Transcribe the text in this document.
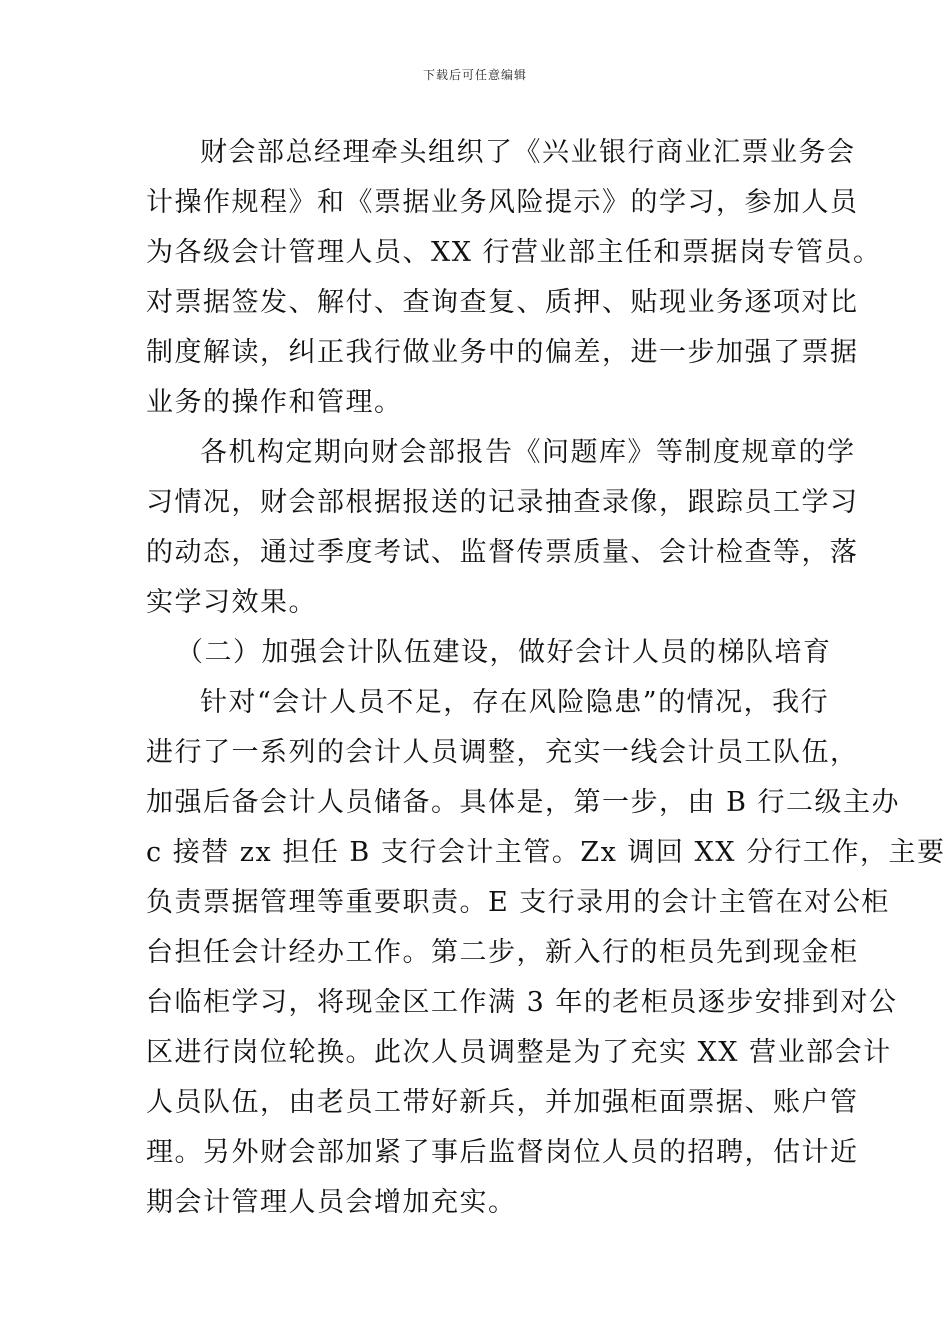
下载后可任意编辑
财会部总经理牵头组织了《兴业银行商业汇票业务会
计操作规程》和《票据业务风险提示》的学习，参加人员
为各级会计管理人员、XX 行营业部主任和票据岗专管员。
对票据签发、解付、查询查复、质押、贴现业务逐项对比
制度解读，纠正我行做业务中的偏差，进一步加强了票据
业务的操作和管理。
各机构定期向财会部报告《问题库》等制度规章的学
习情况，财会部根据报送的记录抽查录像，跟踪员工学习
的动态，通过季度考试、监督传票质量、会计检查等，落
实学习效果。
（二）加强会计队伍建设，做好会计人员的梯队培育
针对“会计人员不足，存在风险隐患”的情况，我行
进行了一系列的会计人员调整，充实一线会计员工队伍，
加强后备会计人员储备。具体是，第一步，由 B 行二级主办
c 接替 zx 担任 B 支行会计主管。Zx 调回 XX 分行工作，主要
负责票据管理等重要职责。E 支行录用的会计主管在对公柜
台担任会计经办工作。第二步，新入行的柜员先到现金柜
台临柜学习，将现金区工作满 3 年的老柜员逐步安排到对公
区进行岗位轮换。此次人员调整是为了充实 XX 营业部会计
人员队伍，由老员工带好新兵，并加强柜面票据、账户管
理。另外财会部加紧了事后监督岗位人员的招聘，估计近
期会计管理人员会增加充实。
